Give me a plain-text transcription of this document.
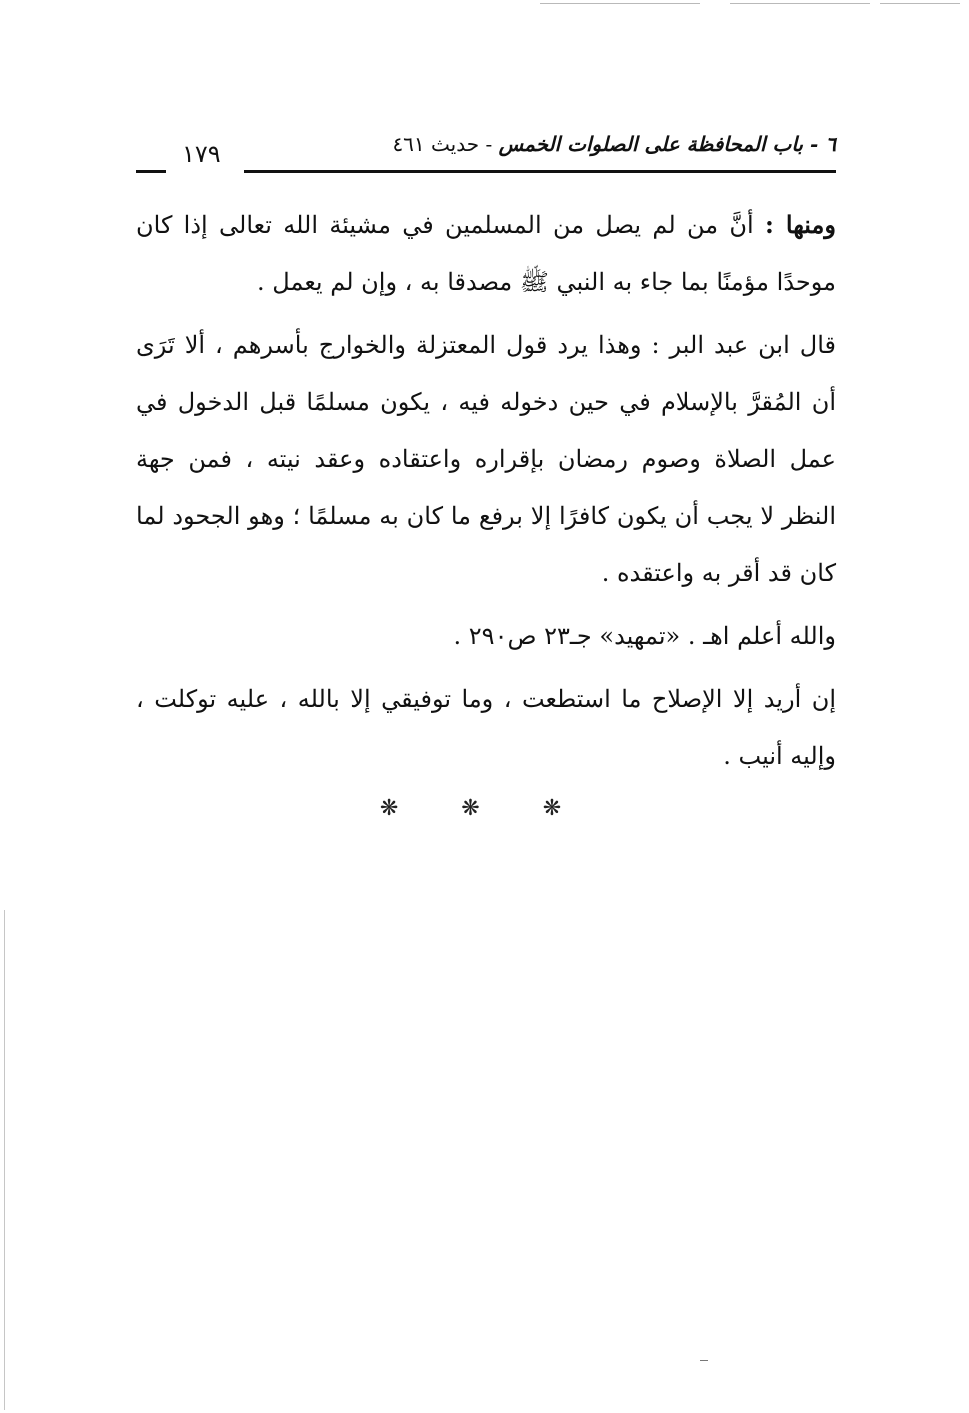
٦ - باب المحافظة على الصلوات الخمس - حديث ٤٦١
١٧٩

ومنها : أنَّ من لم يصل من المسلمين في مشيئة الله تعالى إذا كان موحدًا مؤمنًا بما جاء به النبي ﷺ مصدقا به ، وإن لم يعمل .

قال ابن عبد البر : وهذا يرد قول المعتزلة والخوارج بأسرهم ، ألا تَرَى أن المُقرَّ بالإسلام في حين دخوله فيه ، يكون مسلمًا قبل الدخول في عمل الصلاة وصوم رمضان بإقراره واعتقاده وعقد نيته ، فمن جهة النظر لا يجب أن يكون كافرًا إلا برفع ما كان به مسلمًا ؛ وهو الجحود لما كان قد أقر به واعتقده .

والله أعلم اهـ . «تمهيد» جـ٢٣ ص٢٩٠ .

إن أريد إلا الإصلاح ما استطعت ، وما توفيقي إلا بالله ، عليه توكلت ، وإليه أنيب .

❋ ❋ ❋
